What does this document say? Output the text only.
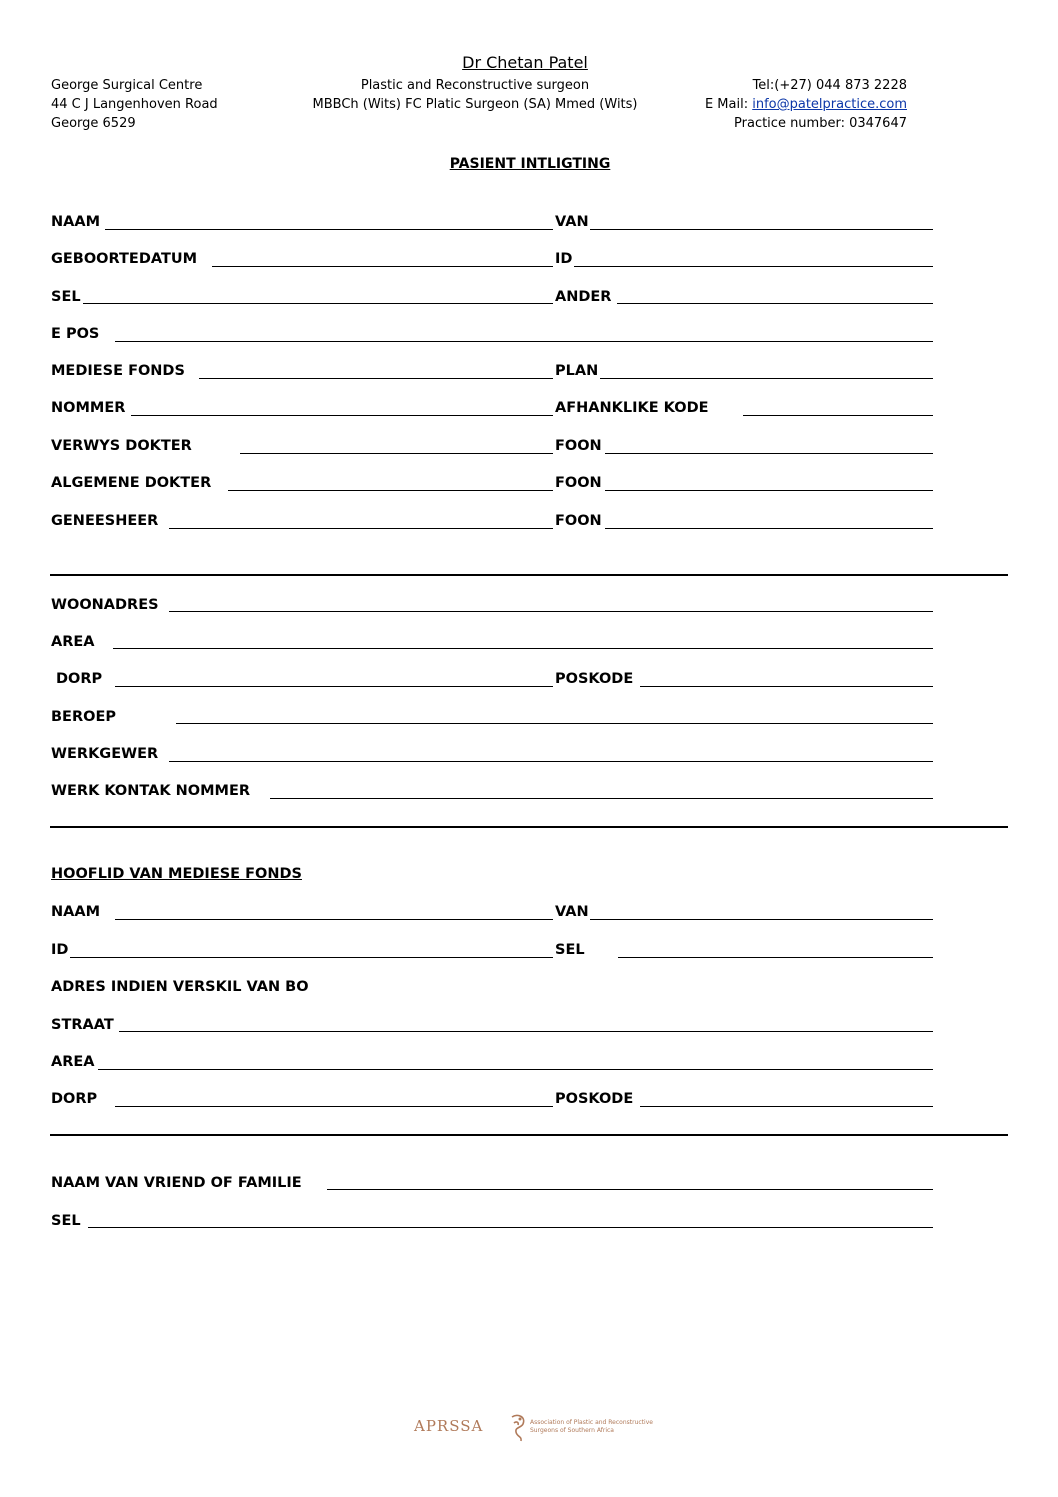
Dr Chetan Patel
George Surgical Centre
44 C J Langenhoven Road
George 6529
Plastic and Reconstructive surgeon
MBBCh (Wits) FC Platic Surgeon (SA) Mmed (Wits)
Tel:(+27) 044 873 2228
E Mail: info@patelpractice.com
Practice number: 0347647
PASIENT INTLIGTING
NAAM	VAN
GEBOORTEDATUM	ID
SEL	ANDER
E POS
MEDIESE FONDS	PLAN
NOMMER	AFHANKLIKE KODE
VERWYS DOKTER	FOON
ALGEMENE DOKTER	FOON
GENEESHEER	FOON
WOONADRES
AREA
DORP	POSKODE
BEROEP
WERKGEWER
WERK KONTAK NOMMER
HOOFLID VAN MEDIESE FONDS
NAAM	VAN
ID	SEL
ADRES INDIEN VERSKIL VAN BO
STRAAT
AREA
DORP	POSKODE
NAAM VAN VRIEND OF FAMILIE
SEL
APRSSA	Association of Plastic and Reconstructive
Surgeons of Southern Africa
